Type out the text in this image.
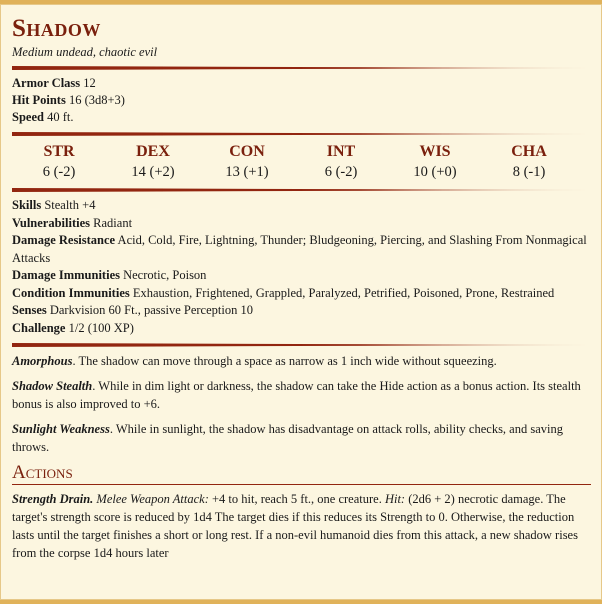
Shadow
Medium undead, chaotic evil
Armor Class 12
Hit Points 16 (3d8+3)
Speed 40 ft.
STR
6 (-2)
DEX
14 (+2)
CON
13 (+1)
INT
6 (-2)
WIS
10 (+0)
CHA
8 (-1)
Skills Stealth +4
Vulnerabilities Radiant
Damage Resistance Acid, Cold, Fire, Lightning, Thunder; Bludgeoning, Piercing, and Slashing From Nonmagical Attacks
Damage Immunities Necrotic, Poison
Condition Immunities Exhaustion, Frightened, Grappled, Paralyzed, Petrified, Poisoned, Prone, Restrained
Senses Darkvision 60 Ft., passive Perception 10
Challenge 1/2 (100 XP)
Amorphous. The shadow can move through a space as narrow as 1 inch wide without squeezing.
Shadow Stealth. While in dim light or darkness, the shadow can take the Hide action as a bonus action. Its stealth bonus is also improved to +6.
Sunlight Weakness. While in sunlight, the shadow has disadvantage on attack rolls, ability checks, and saving throws.
Actions
Strength Drain. Melee Weapon Attack: +4 to hit, reach 5 ft., one creature. Hit: (2d6 + 2) necrotic damage. The target's strength score is reduced by 1d4 The target dies if this reduces its Strength to 0. Otherwise, the reduction lasts until the target finishes a short or long rest. If a non-evil humanoid dies from this attack, a new shadow rises from the corpse 1d4 hours later
